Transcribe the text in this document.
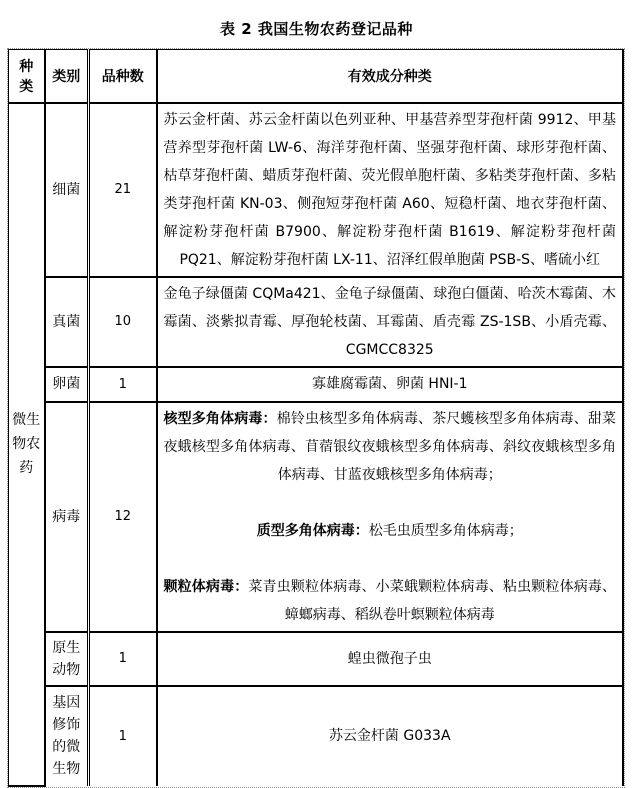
表 2 我国生物农药登记品种
种类	类别	品种数	有效成分种类
微生物农药	细菌	21	苏云金杆菌、苏云金杆菌以色列亚种、甲基营养型芽孢杆菌 9912、甲基营养型芽孢杆菌 LW-6、海洋芽孢杆菌、坚强芽孢杆菌、球形芽孢杆菌、枯草芽孢杆菌、蜡质芽孢杆菌、荧光假单胞杆菌、多粘类芽孢杆菌、多粘类芽孢杆菌 KN-03、侧孢短芽孢杆菌 A60、短稳杆菌、地衣芽孢杆菌、解淀粉芽孢杆菌 B7900、解淀粉芽孢杆菌 B1619、解淀粉芽孢杆菌 PQ21、解淀粉芽孢杆菌 LX-11、沼泽红假单胞菌 PSB-S、嗜硫小红
	真菌	10	金龟子绿僵菌 CQMa421、金龟子绿僵菌、球孢白僵菌、哈茨木霉菌、木霉菌、淡紫拟青霉、厚孢轮枝菌、耳霉菌、盾壳霉 ZS-1SB、小盾壳霉、CGMCC8325
	卵菌	1	寡雄腐霉菌、卵菌 HNI-1
	病毒	12	核型多角体病毒：棉铃虫核型多角体病毒、茶尺蠖核型多角体病毒、甜菜夜蛾核型多角体病毒、苜蓿银纹夜蛾核型多角体病毒、斜纹夜蛾核型多角体病毒、甘蓝夜蛾核型多角体病毒；

质型多角体病毒：松毛虫质型多角体病毒；

颗粒体病毒：菜青虫颗粒体病毒、小菜蛾颗粒体病毒、粘虫颗粒体病毒、蟑螂病毒、稻纵卷叶螟颗粒体病毒

	原生动物	1	蝗虫微孢子虫
	基因修饰的微生物	1	苏云金杆菌 G033A
